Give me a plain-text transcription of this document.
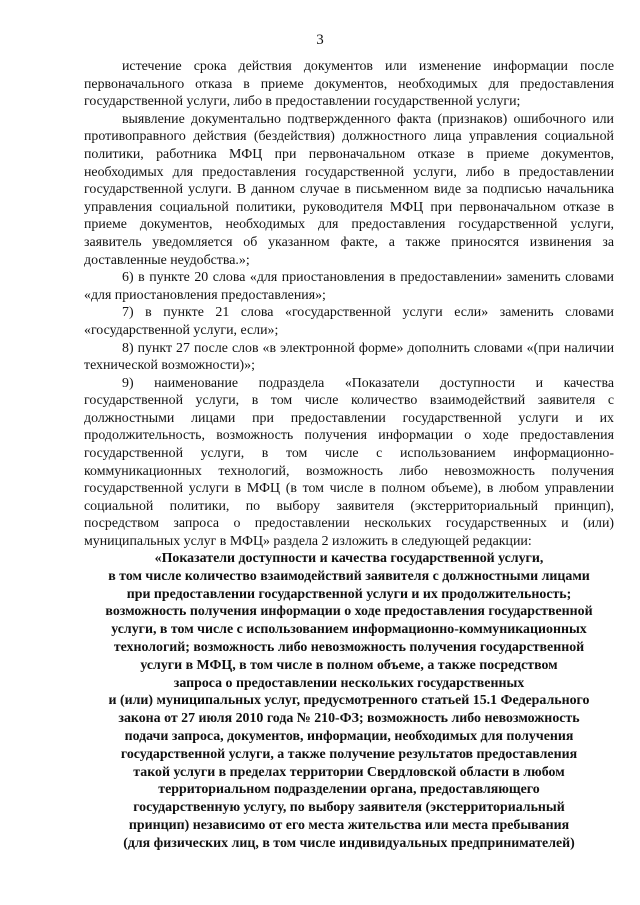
3

истечение срока действия документов или изменение информации после первоначального отказа в приеме документов, необходимых для предоставления государственной услуги, либо в предоставлении государственной услуги;

выявление документально подтвержденного факта (признаков) ошибочного или противоправного действия (бездействия) должностного лица управления социальной политики, работника МФЦ при первоначальном отказе в приеме документов, необходимых для предоставления государственной услуги, либо в предоставлении государственной услуги. В данном случае в письменном виде за подписью начальника управления социальной политики, руководителя МФЦ при первоначальном отказе в приеме документов, необходимых для предоставления государственной услуги, заявитель уведомляется об указанном факте, а также приносятся извинения за доставленные неудобства.»;

6) в пункте 20 слова «для приостановления в предоставлении» заменить словами «для приостановления предоставления»;

7) в пункте 21 слова «государственной услуги если» заменить словами «государственной услуги, если»;

8) пункт 27 после слов «в электронной форме» дополнить словами «(при наличии технической возможности)»;

9) наименование подраздела «Показатели доступности и качества государственной услуги, в том числе количество взаимодействий заявителя с должностными лицами при предоставлении государственной услуги и их продолжительность, возможность получения информации о ходе предоставления государственной услуги, в том числе с использованием информационно-коммуникационных технологий, возможность либо невозможность получения государственной услуги в МФЦ (в том числе в полном объеме), в любом управлении социальной политики, по выбору заявителя (экстерриториальный принцип), посредством запроса о предоставлении нескольких государственных и (или) муниципальных услуг в МФЦ» раздела 2 изложить в следующей редакции:

«Показатели доступности и качества государственной услуги,
в том числе количество взаимодействий заявителя с должностными лицами
при предоставлении государственной услуги и их продолжительность;
возможность получения информации о ходе предоставления государственной
услуги, в том числе с использованием информационно-коммуникационных
технологий; возможность либо невозможность получения государственной
услуги в МФЦ, в том числе в полном объеме, а также посредством
запроса о предоставлении нескольких государственных
и (или) муниципальных услуг, предусмотренного статьей 15.1 Федерального
закона от 27 июля 2010 года № 210-ФЗ; возможность либо невозможность
подачи запроса, документов, информации, необходимых для получения
государственной услуги, а также получение результатов предоставления
такой услуги в пределах территории Свердловской области в любом
территориальном подразделении органа, предоставляющего
государственную услугу, по выбору заявителя (экстерриториальный
принцип) независимо от его места жительства или места пребывания
(для физических лиц, в том числе индивидуальных предпринимателей)
